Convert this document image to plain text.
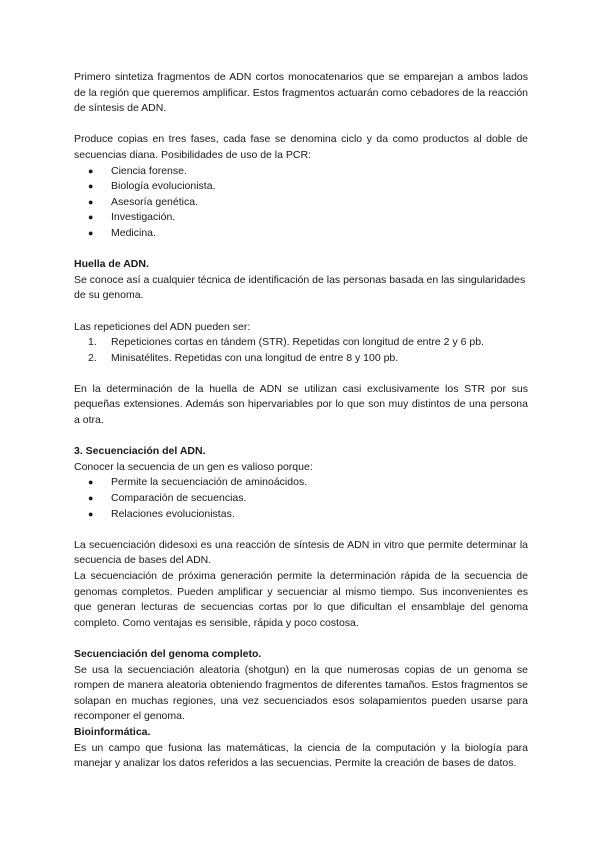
Primero sintetiza fragmentos de ADN cortos monocatenarios que se emparejan a ambos lados de la región que queremos amplificar. Estos fragmentos actuarán como cebadores de la reacción de síntesis de ADN.

Produce copias en tres fases, cada fase se denomina ciclo y da como productos al doble de secuencias diana. Posibilidades de uso de la PCR:

● Ciencia forense.
● Biología evolucionista.
● Asesoría genética.
● Investigación.
● Medicina.

Huella de ADN.

Se conoce así a cualquier técnica de identificación de las personas basada en las singularidades de su genoma.

Las repeticiones del ADN pueden ser:

1. Repeticiones cortas en tándem (STR). Repetidas con longitud de entre 2 y 6 pb.
2. Minisatélites. Repetidas con una longitud de entre 8 y 100 pb.

En la determinación de la huella de ADN se utilizan casi exclusivamente los STR por sus pequeñas extensiones. Además son hipervariables por lo que son muy distintos de una persona a otra.

3. Secuenciación del ADN.

Conocer la secuencia de un gen es valioso porque:

● Permite la secuenciación de aminoácidos.
● Comparación de secuencias.
● Relaciones evolucionistas.

La secuenciación didesoxi es una reacción de síntesis de ADN in vitro que permite determinar la secuencia de bases del ADN.

La secuenciación de próxima generación permite la determinación rápida de la secuencia de genomas completos. Pueden amplificar y secuenciar al mismo tiempo. Sus inconvenientes es que generan lecturas de secuencias cortas por lo que dificultan el ensamblaje del genoma completo. Como ventajas es sensible, rápida y poco costosa.

Secuenciación del genoma completo.

Se usa la secuenciación aleatoria (shotgun) en la que numerosas copias de un genoma se rompen de manera aleatoria obteniendo fragmentos de diferentes tamaños. Estos fragmentos se solapan en muchas regiones, una vez secuenciados esos solapamientos pueden usarse para recomponer el genoma.

Bioinformática.

Es un campo que fusiona las matemáticas, la ciencia de la computación y la biología para manejar y analizar los datos referidos a las secuencias. Permite la creación de bases de datos.
